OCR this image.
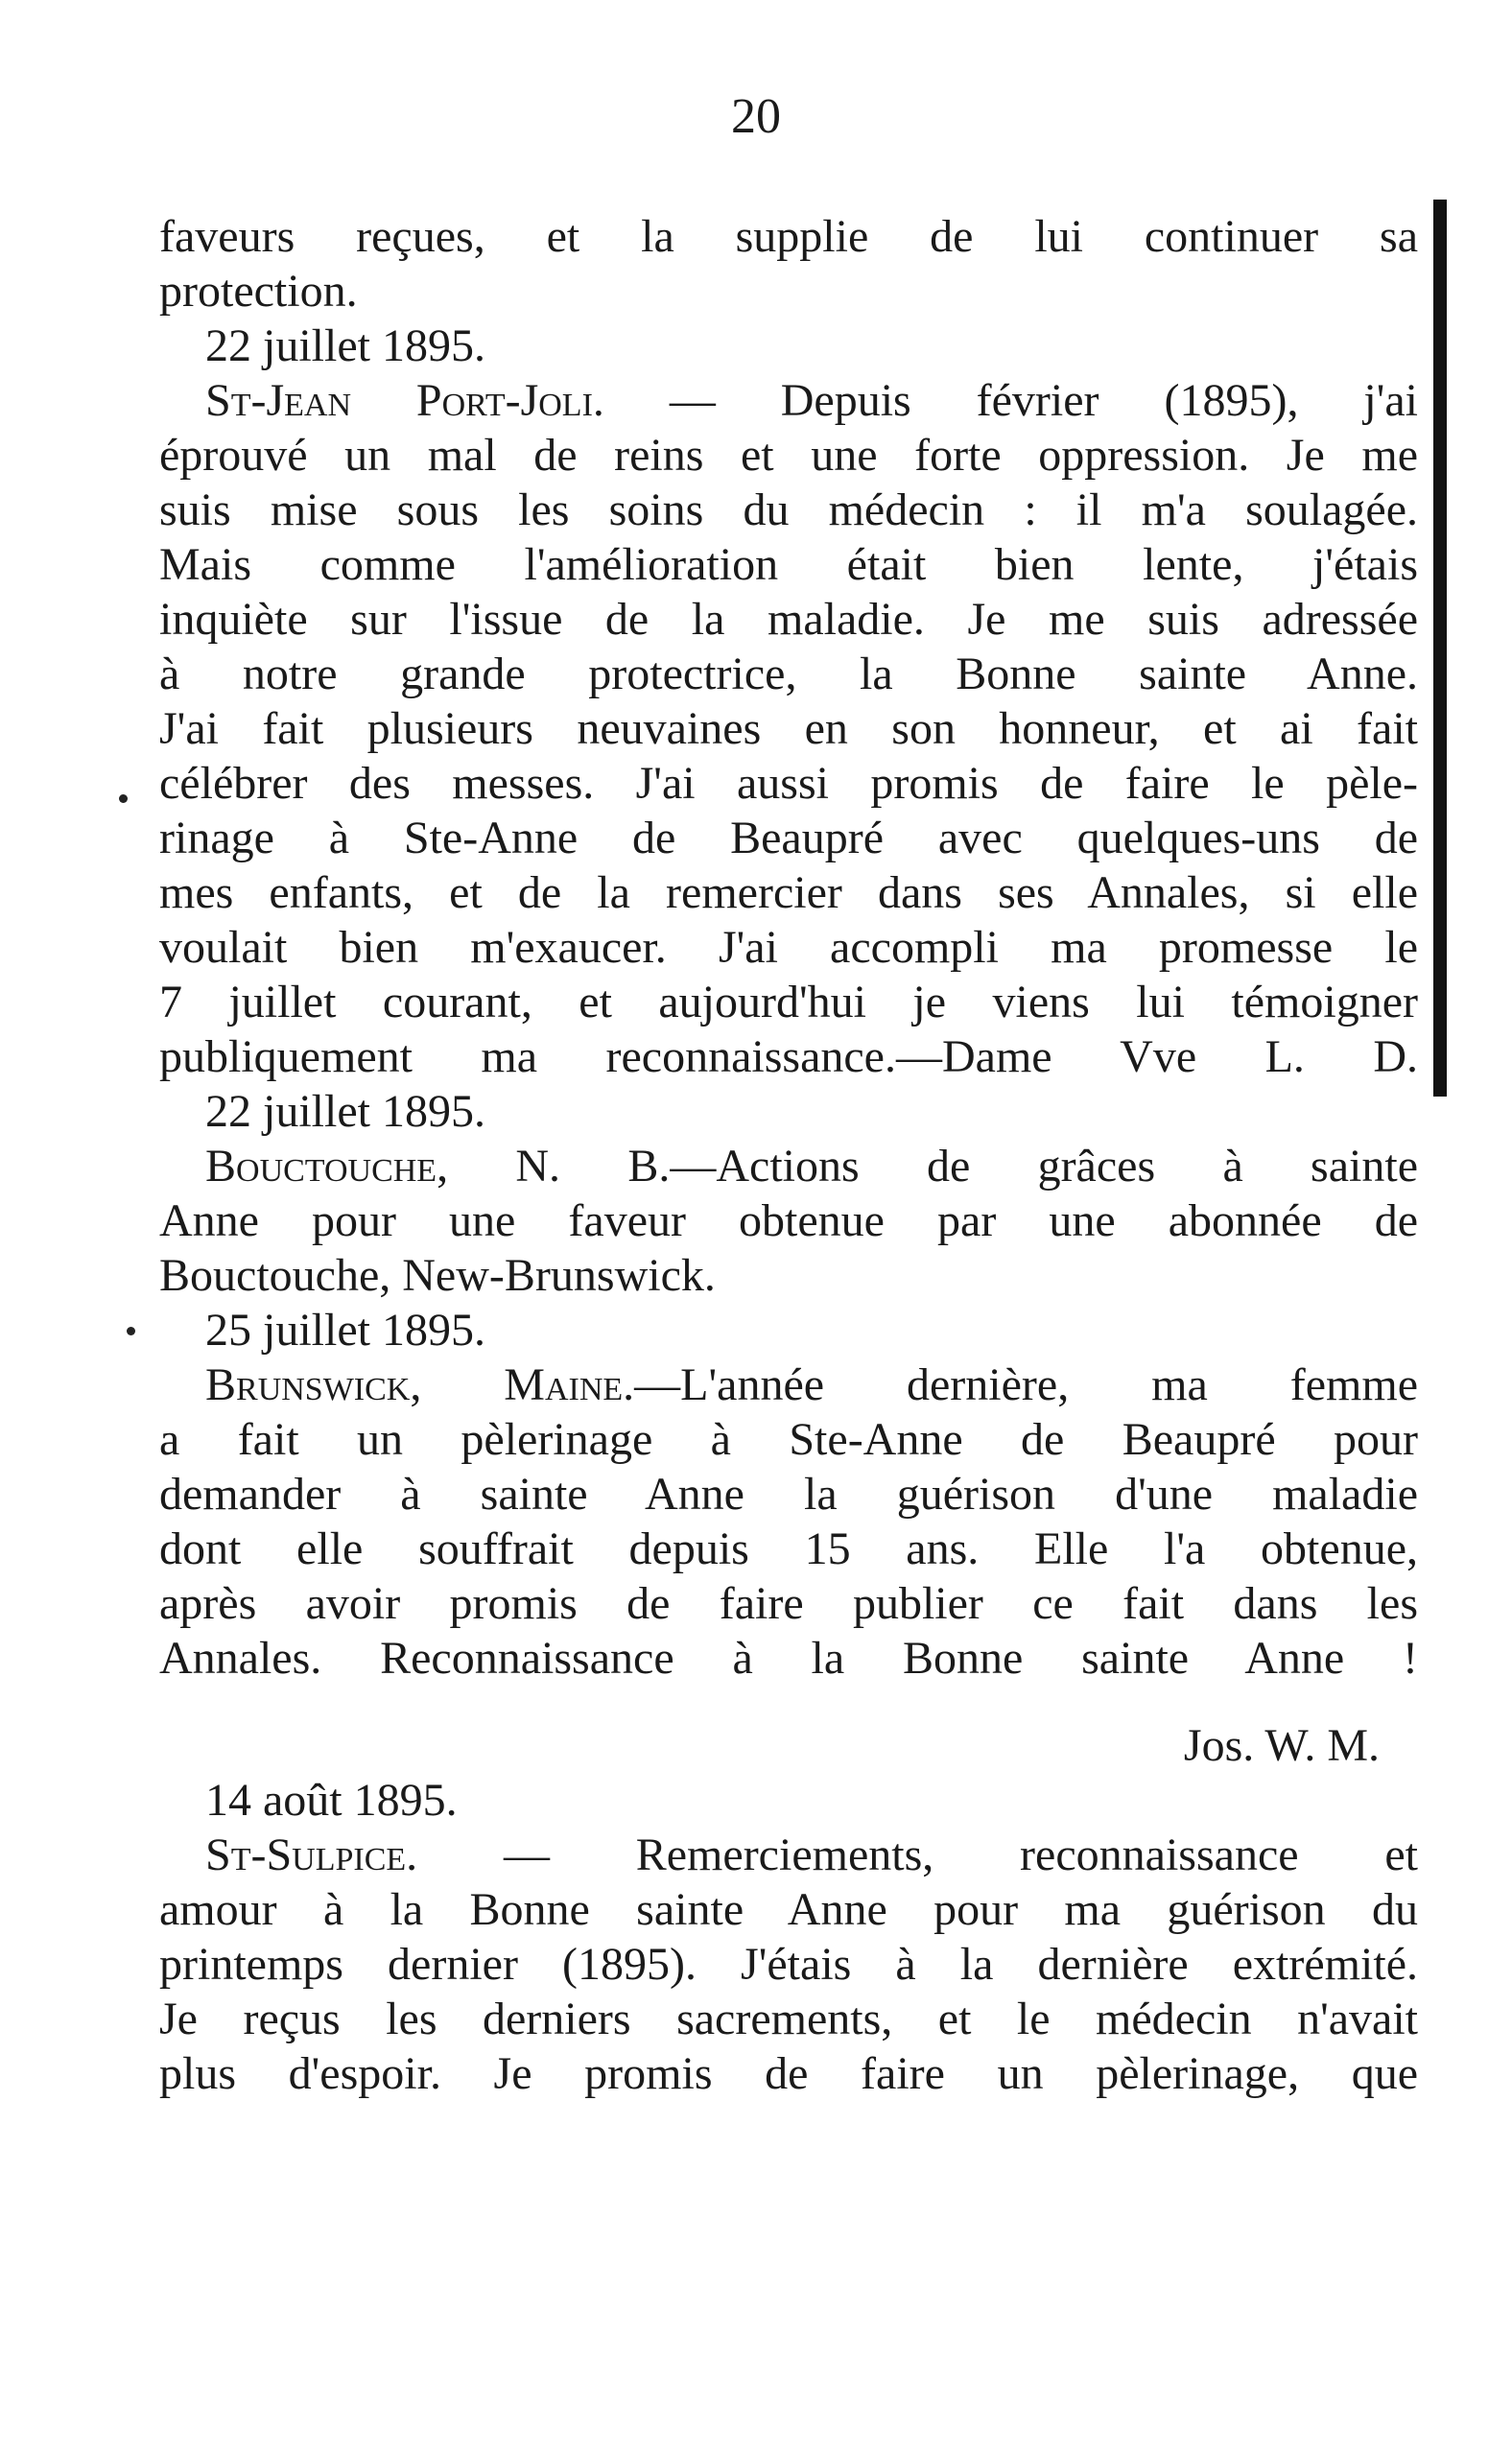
20
faveurs reçues, et la supplie de lui continuer sa
protection.
22 juillet 1895.
St-Jean Port-Joli. — Depuis février (1895), j'ai
éprouvé un mal de reins et une forte oppression. Je me
suis mise sous les soins du médecin : il m'a soulagée.
Mais comme l'amélioration était bien lente, j'étais
inquiète sur l'issue de la maladie. Je me suis adressée
à notre grande protectrice, la Bonne sainte Anne.
J'ai fait plusieurs neuvaines en son honneur, et ai fait
célébrer des messes. J'ai aussi promis de faire le pèle-
rinage à Ste-Anne de Beaupré avec quelques-uns de
mes enfants, et de la remercier dans ses Annales, si elle
voulait bien m'exaucer. J'ai accompli ma promesse le
7 juillet courant, et aujourd'hui je viens lui témoigner
publiquement ma reconnaissance.—Dame Vve L. D.
22 juillet 1895.
Bouctouche, N. B.—Actions de grâces à sainte
Anne pour une faveur obtenue par une abonnée de
Bouctouche, New-Brunswick.
25 juillet 1895.
Brunswick, Maine.—L'année dernière, ma femme
a fait un pèlerinage à Ste-Anne de Beaupré pour
demander à sainte Anne la guérison d'une maladie
dont elle souffrait depuis 15 ans. Elle l'a obtenue,
après avoir promis de faire publier ce fait dans les
Annales. Reconnaissance à la Bonne sainte Anne !
Jos. W. M.
14 août 1895.
St-Sulpice. — Remerciements, reconnaissance et
amour à la Bonne sainte Anne pour ma guérison du
printemps dernier (1895). J'étais à la dernière extrémité.
Je reçus les derniers sacrements, et le médecin n'avait
plus d'espoir. Je promis de faire un pèlerinage, que
